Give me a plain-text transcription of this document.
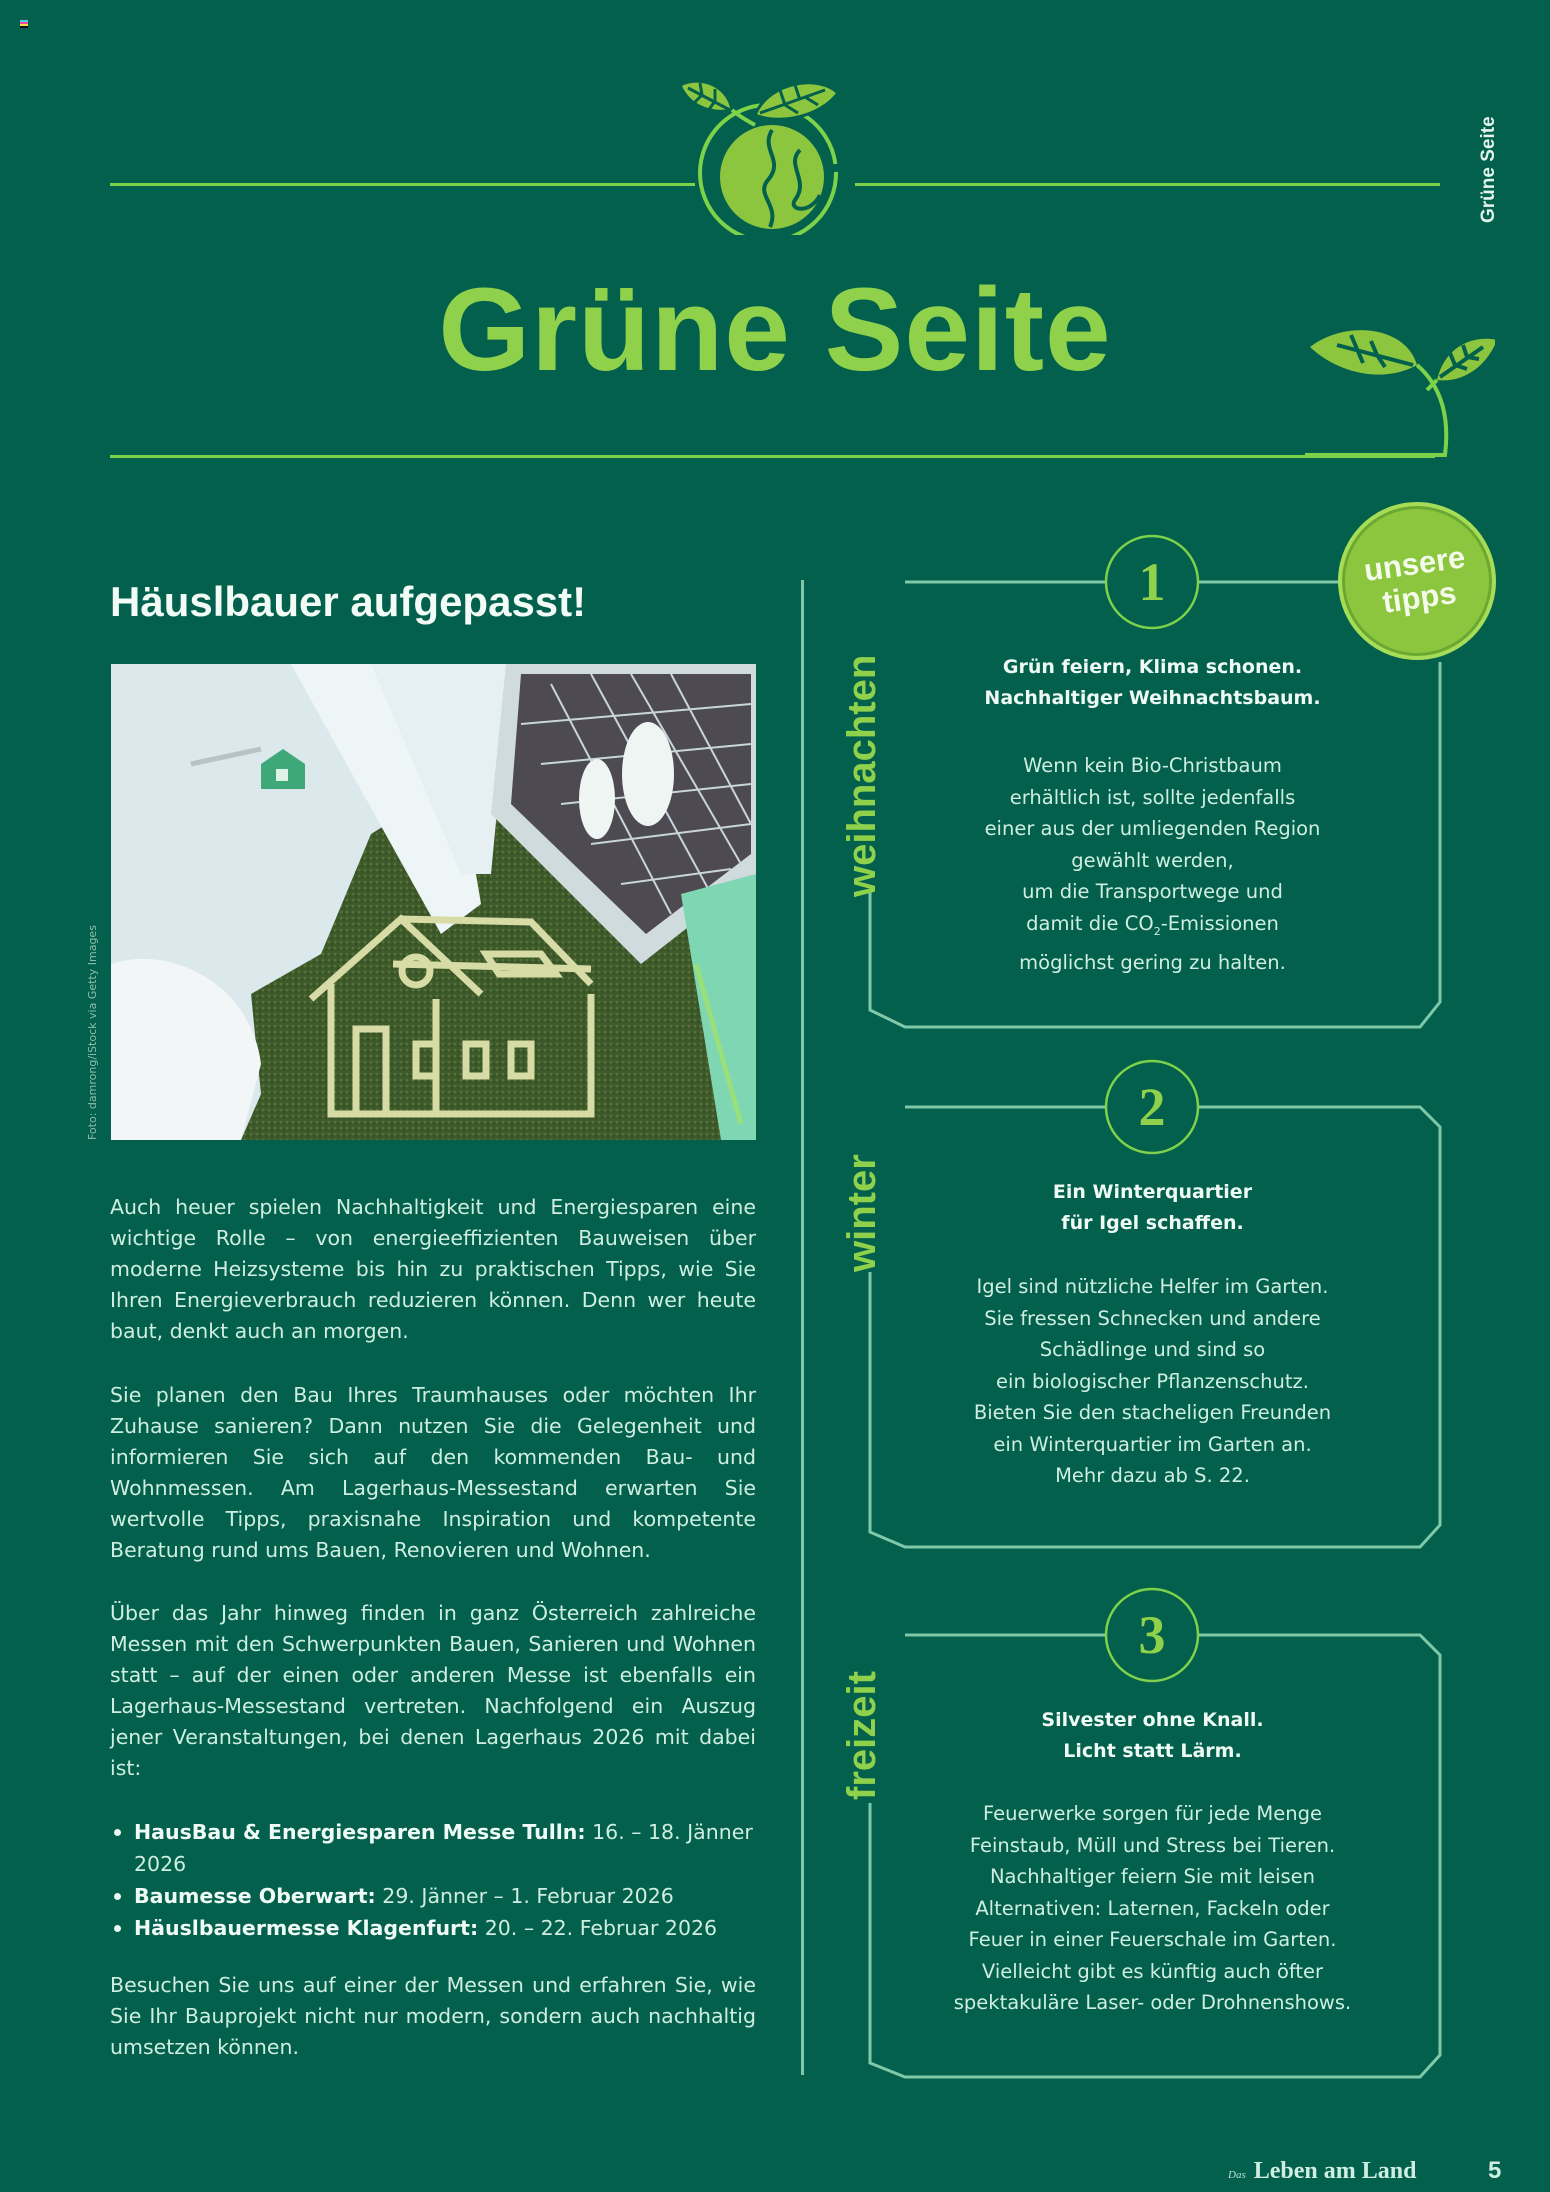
Grüne Seite
Grüne Seite
Häuslbauer aufgepasst!
Foto: damrong/iStock via Getty Images

Auch heuer spielen Nachhaltigkeit und Energiesparen eine wichtige Rolle – von energieeffizienten Bauweisen über moderne Heizsysteme bis hin zu praktischen Tipps, wie Sie Ihren Energieverbrauch reduzieren können. Denn wer heute baut, denkt auch an morgen.

Sie planen den Bau Ihres Traumhauses oder möchten Ihr Zuhause sanieren? Dann nutzen Sie die Gelegenheit und informieren Sie sich auf den kommenden Bau- und Wohnmessen. Am Lagerhaus-Messestand erwarten Sie wertvolle Tipps, praxisnahe Inspiration und kompetente Beratung rund ums Bauen, Renovieren und Wohnen.

Über das Jahr hinweg finden in ganz Österreich zahlreiche Messen mit den Schwerpunkten Bauen, Sanieren und Wohnen statt – auf der einen oder anderen Messe ist ebenfalls ein Lagerhaus-Messestand vertreten. Nachfolgend ein Auszug jener Veranstaltungen, bei denen Lagerhaus 2026 mit dabei ist:

HausBau & Energiesparen Messe Tulln: 16. – 18. Jänner 2026
Baumesse Oberwart: 29. Jänner – 1. Februar 2026
Häuslbauermesse Klagenfurt: 20. – 22. Februar 2026

Besuchen Sie uns auf einer der Messen und erfahren Sie, wie Sie Ihr Bauprojekt nicht nur modern, sondern auch nachhaltig umsetzen können.

1
weihnachten	Grün feiern, Klima schonen.
Nachhaltiger Weihnachtsbaum.
Wenn kein Bio-Christbaum
erhältlich ist, sollte jedenfalls
einer aus der umliegenden Region
gewählt werden,
um die Transportwege und
damit die $CO_2$-Emissionen
möglichst gering zu halten.
unsere
tipps
2
winter	Ein Winterquartier
für Igel schaffen.
Igel sind nützliche Helfer im Garten.
Sie fressen Schnecken und andere
Schädlinge und sind so
ein biologischer Pflanzenschutz.
Bieten Sie den stacheligen Freunden
ein Winterquartier im Garten an.
Mehr dazu ab S. 22.
3
freizeit	Silvester ohne Knall.
Licht statt Lärm.
Feuerwerke sorgen für jede Menge
Feinstaub, Müll und Stress bei Tieren.
Nachhaltiger feiern Sie mit leisen
Alternativen: Laternen, Fackeln oder
Feuer in einer Feuerschale im Garten.
Vielleicht gibt es künftig auch öfter
spektakuläre Laser- oder Drohnenshows.
Das Leben am Land	5
